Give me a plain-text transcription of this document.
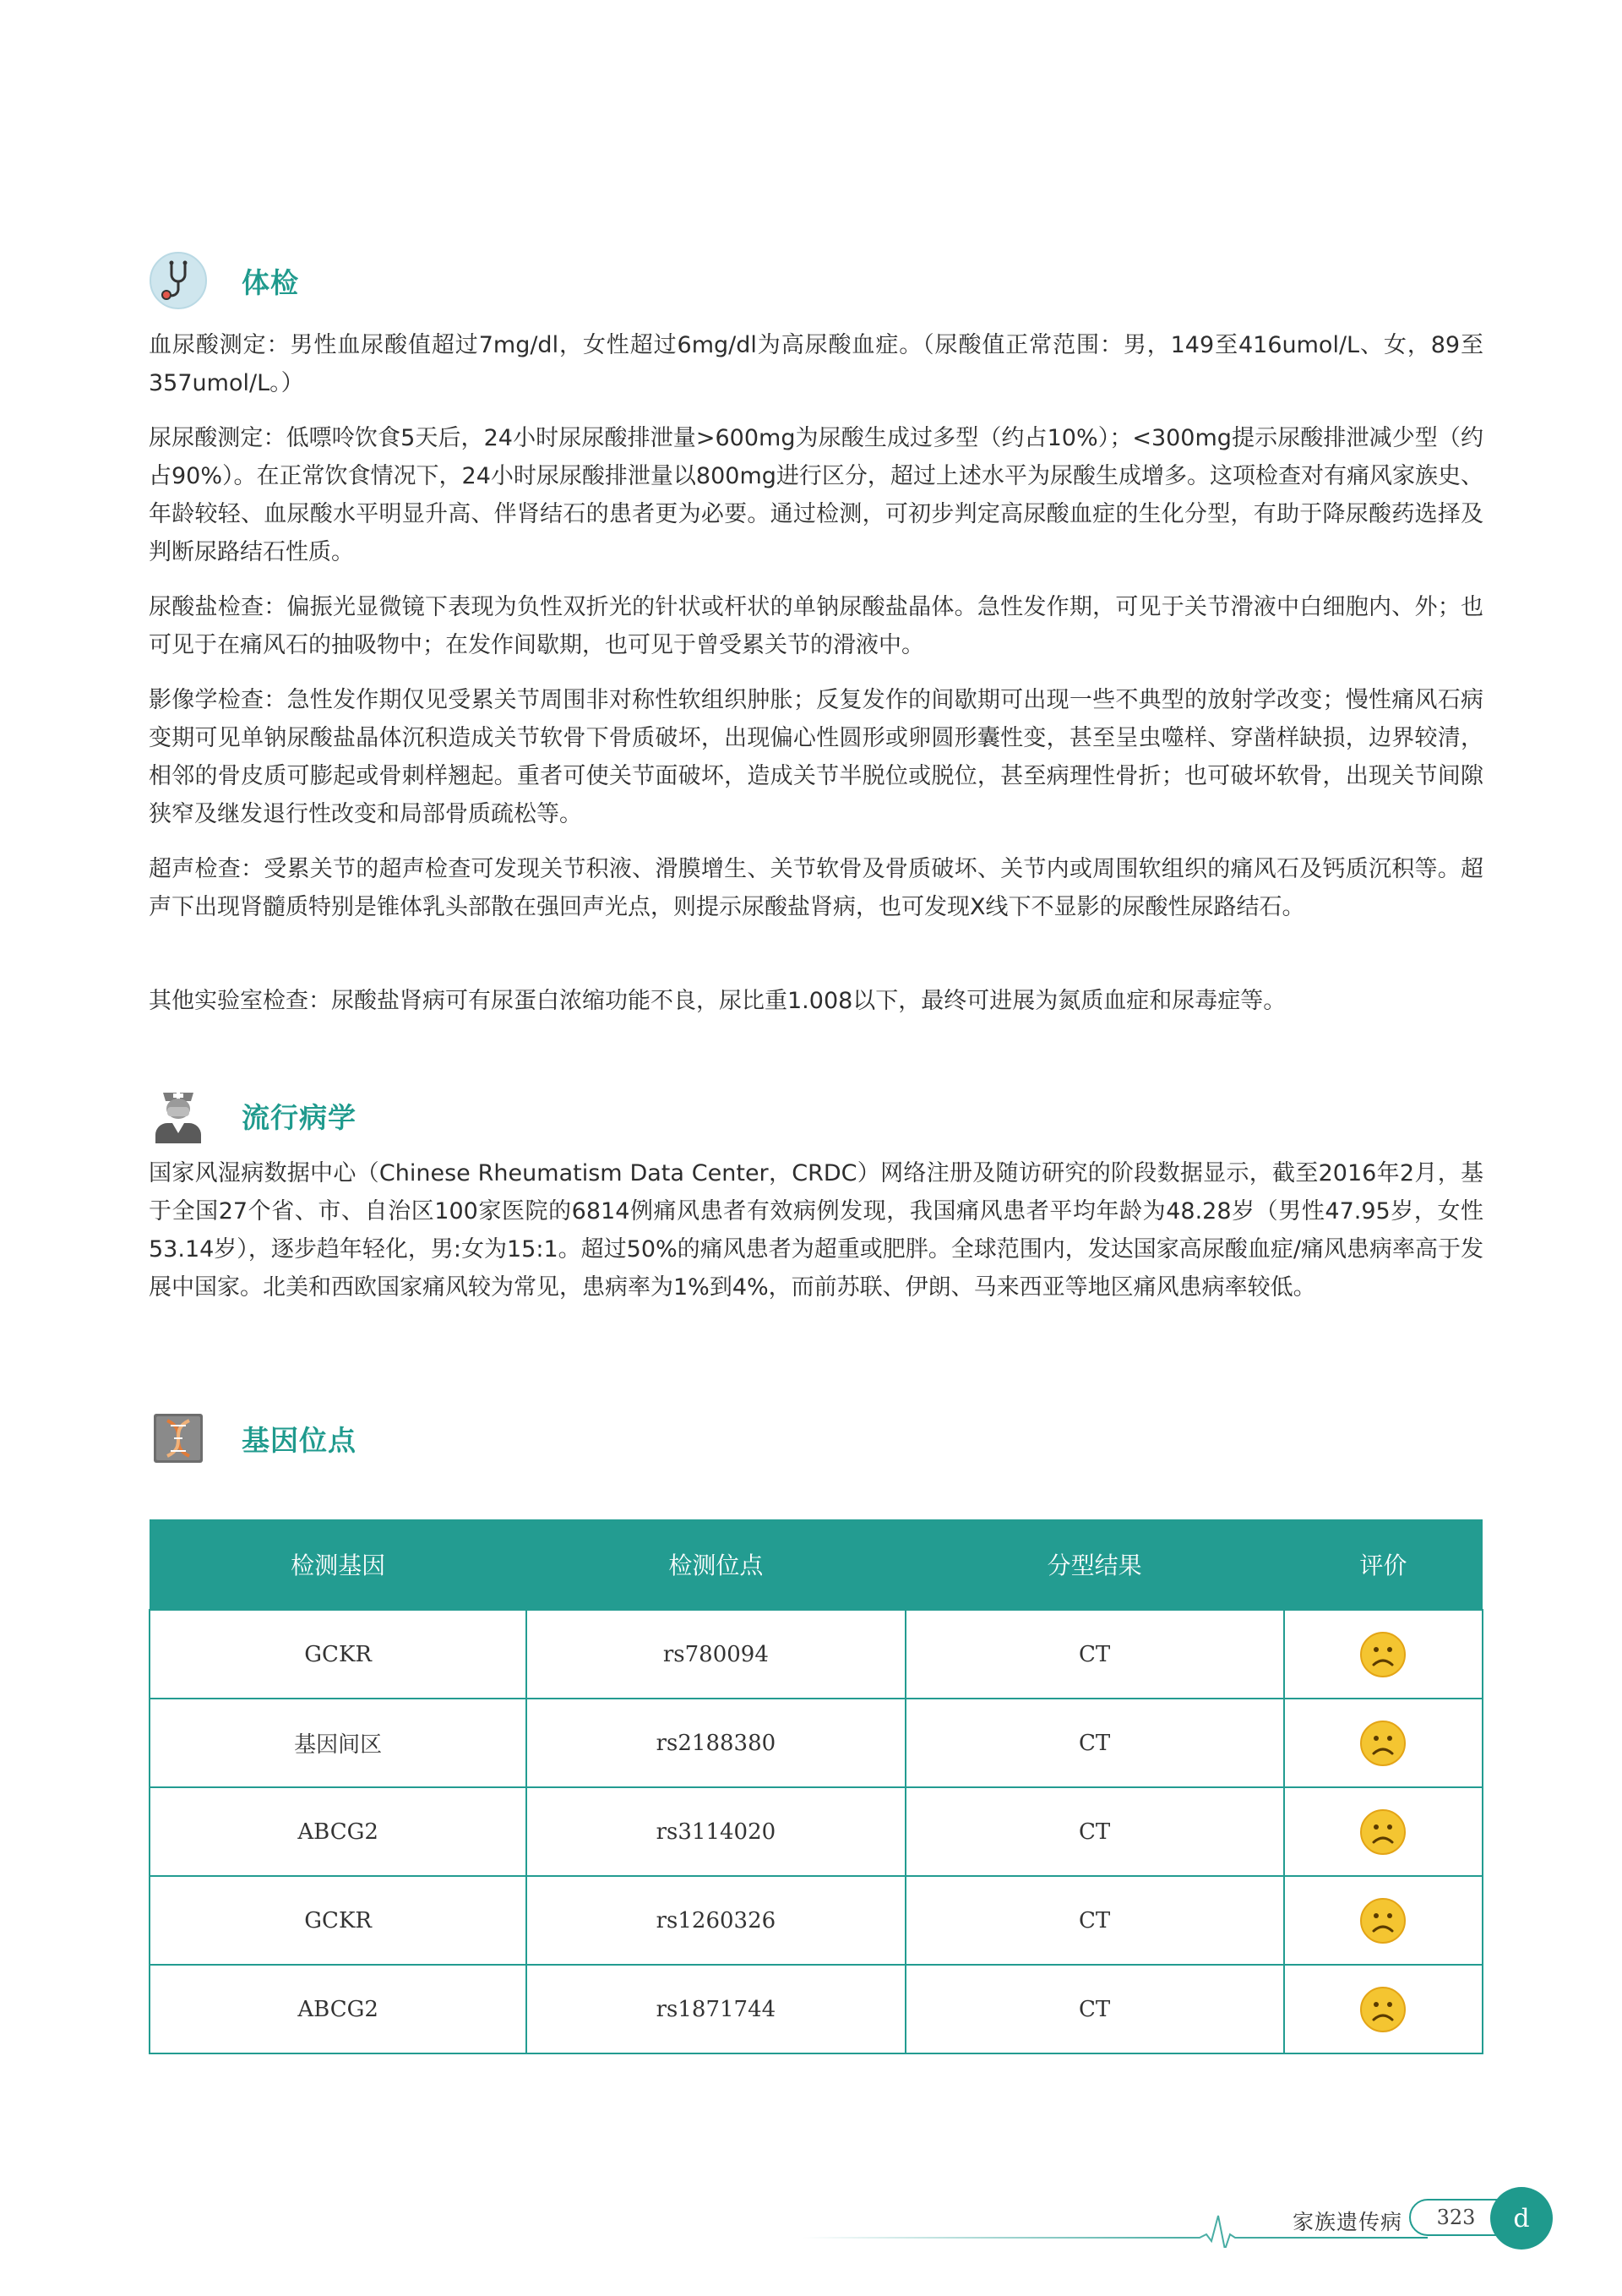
体检

血尿酸测定：男性血尿酸值超过7mg/dl，女性超过6mg/dl为高尿酸血症。（尿酸值正常范围：男，149至416umol/L、女，89至357umol/L。）

尿尿酸测定：低嘌呤饮食5天后，24小时尿尿酸排泄量>600mg为尿酸生成过多型（约占10%）；<300mg提示尿酸排泄减少型（约占90%）。在正常饮食情况下，24小时尿尿酸排泄量以800mg进行区分，超过上述水平为尿酸生成增多。这项检查对有痛风家族史、年龄较轻、血尿酸水平明显升高、伴肾结石的患者更为必要。通过检测，可初步判定高尿酸血症的生化分型，有助于降尿酸药选择及判断尿路结石性质。

尿酸盐检查：偏振光显微镜下表现为负性双折光的针状或杆状的单钠尿酸盐晶体。急性发作期，可见于关节滑液中白细胞内、外；也可见于在痛风石的抽吸物中；在发作间歇期，也可见于曾受累关节的滑液中。

影像学检查：急性发作期仅见受累关节周围非对称性软组织肿胀；反复发作的间歇期可出现一些不典型的放射学改变；慢性痛风石病变期可见单钠尿酸盐晶体沉积造成关节软骨下骨质破坏，出现偏心性圆形或卵圆形囊性变，甚至呈虫噬样、穿凿样缺损，边界较清，相邻的骨皮质可膨起或骨刺样翘起。重者可使关节面破坏，造成关节半脱位或脱位，甚至病理性骨折；也可破坏软骨，出现关节间隙狭窄及继发退行性改变和局部骨质疏松等。

超声检查：受累关节的超声检查可发现关节积液、滑膜增生、关节软骨及骨质破坏、关节内或周围软组织的痛风石及钙质沉积等。超声下出现肾髓质特别是锥体乳头部散在强回声光点，则提示尿酸盐肾病，也可发现X线下不显影的尿酸性尿路结石。

其他实验室检查：尿酸盐肾病可有尿蛋白浓缩功能不良，尿比重1.008以下，最终可进展为氮质血症和尿毒症等。

流行病学

国家风湿病数据中心（Chinese Rheumatism Data Center，CRDC）网络注册及随访研究的阶段数据显示，截至2016年2月，基于全国27个省、市、自治区100家医院的6814例痛风患者有效病例发现，我国痛风患者平均年龄为48.28岁（男性47.95岁，女性53.14岁），逐步趋年轻化，男:女为15:1。超过50%的痛风患者为超重或肥胖。全球范围内，发达国家高尿酸血症/痛风患病率高于发展中国家。北美和西欧国家痛风较为常见，患病率为1%到4%，而前苏联、伊朗、马来西亚等地区痛风患病率较低。

基因位点
检测基因	检测位点	分型结果	评价
GCKR	rs780094	CT	
基因间区	rs2188380	CT	
ABCG2	rs3114020	CT	
GCKR	rs1260326	CT	
ABCG2	rs1871744	CT	
家族遗传病	323	d
